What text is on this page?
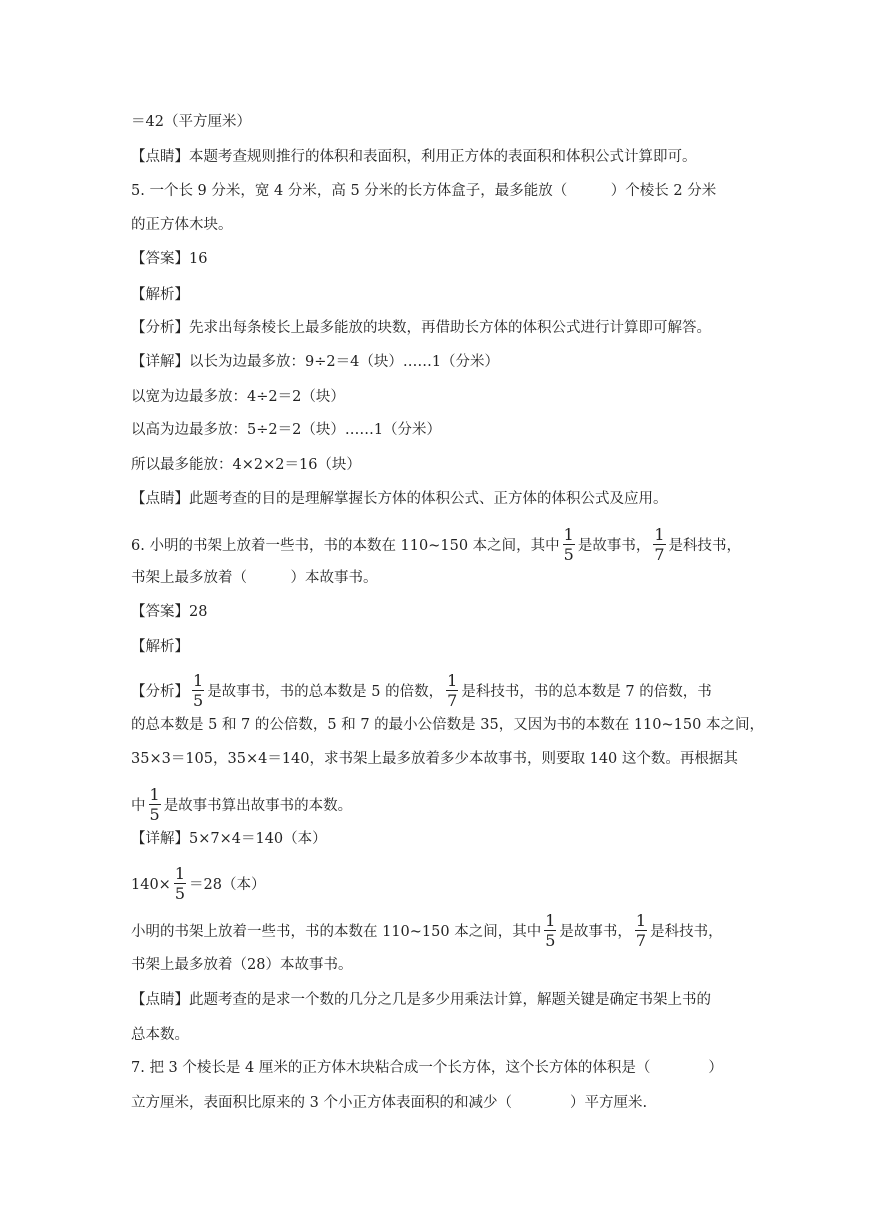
＝42（平方厘米）
【点睛】本题考查规则推行的体积和表面积，利用正方体的表面积和体积公式计算即可。
5. 一个长 9 分米，宽 4 分米，高 5 分米的长方体盒子，最多能放（　　　）个棱长 2 分米
的正方体木块。
【答案】16
【解析】
【分析】先求出每条棱长上最多能放的块数，再借助长方体的体积公式进行计算即可解答。
【详解】以长为边最多放：9÷2＝4（块）……1（分米）
以宽为边最多放：4÷2＝2（块）
以高为边最多放：5÷2＝2（块）……1（分米）
所以最多能放：4×2×2＝16（块）
【点睛】此题考查的目的是理解掌握长方体的体积公式、正方体的体积公式及应用。
6. 小明的书架上放着一些书，书的本数在 110~150 本之间，其中 $\frac{1}{5}$ 是故事书， $\frac{1}{7}$ 是科技书，
书架上最多放着（　　　）本故事书。
【答案】28
【解析】
【分析】 $\frac{1}{5}$ 是故事书，书的总本数是 5 的倍数， $\frac{1}{7}$ 是科技书，书的总本数是 7 的倍数，书
的总本数是 5 和 7 的公倍数，5 和 7 的最小公倍数是 35，又因为书的本数在 110~150 本之间，
35×3＝105，35×4＝140，求书架上最多放着多少本故事书，则要取 140 这个数。再根据其
中 $\frac{1}{5}$ 是故事书算出故事书的本数。
【详解】5×7×4＝140（本）
$140\times \frac{1}{5} =28$（本）
小明的书架上放着一些书，书的本数在 110~150 本之间，其中 $\frac{1}{5}$ 是故事书， $\frac{1}{7}$ 是科技书，
书架上最多放着（28）本故事书。
【点睛】此题考查的是求一个数的几分之几是多少用乘法计算，解题关键是确定书架上书的
总本数。
7. 把 3 个棱长是 4 厘米的正方体木块粘合成一个长方体，这个长方体的体积是（　　　　）
立方厘米，表面积比原来的 3 个小正方体表面积的和减少（　　　　）平方厘米.
